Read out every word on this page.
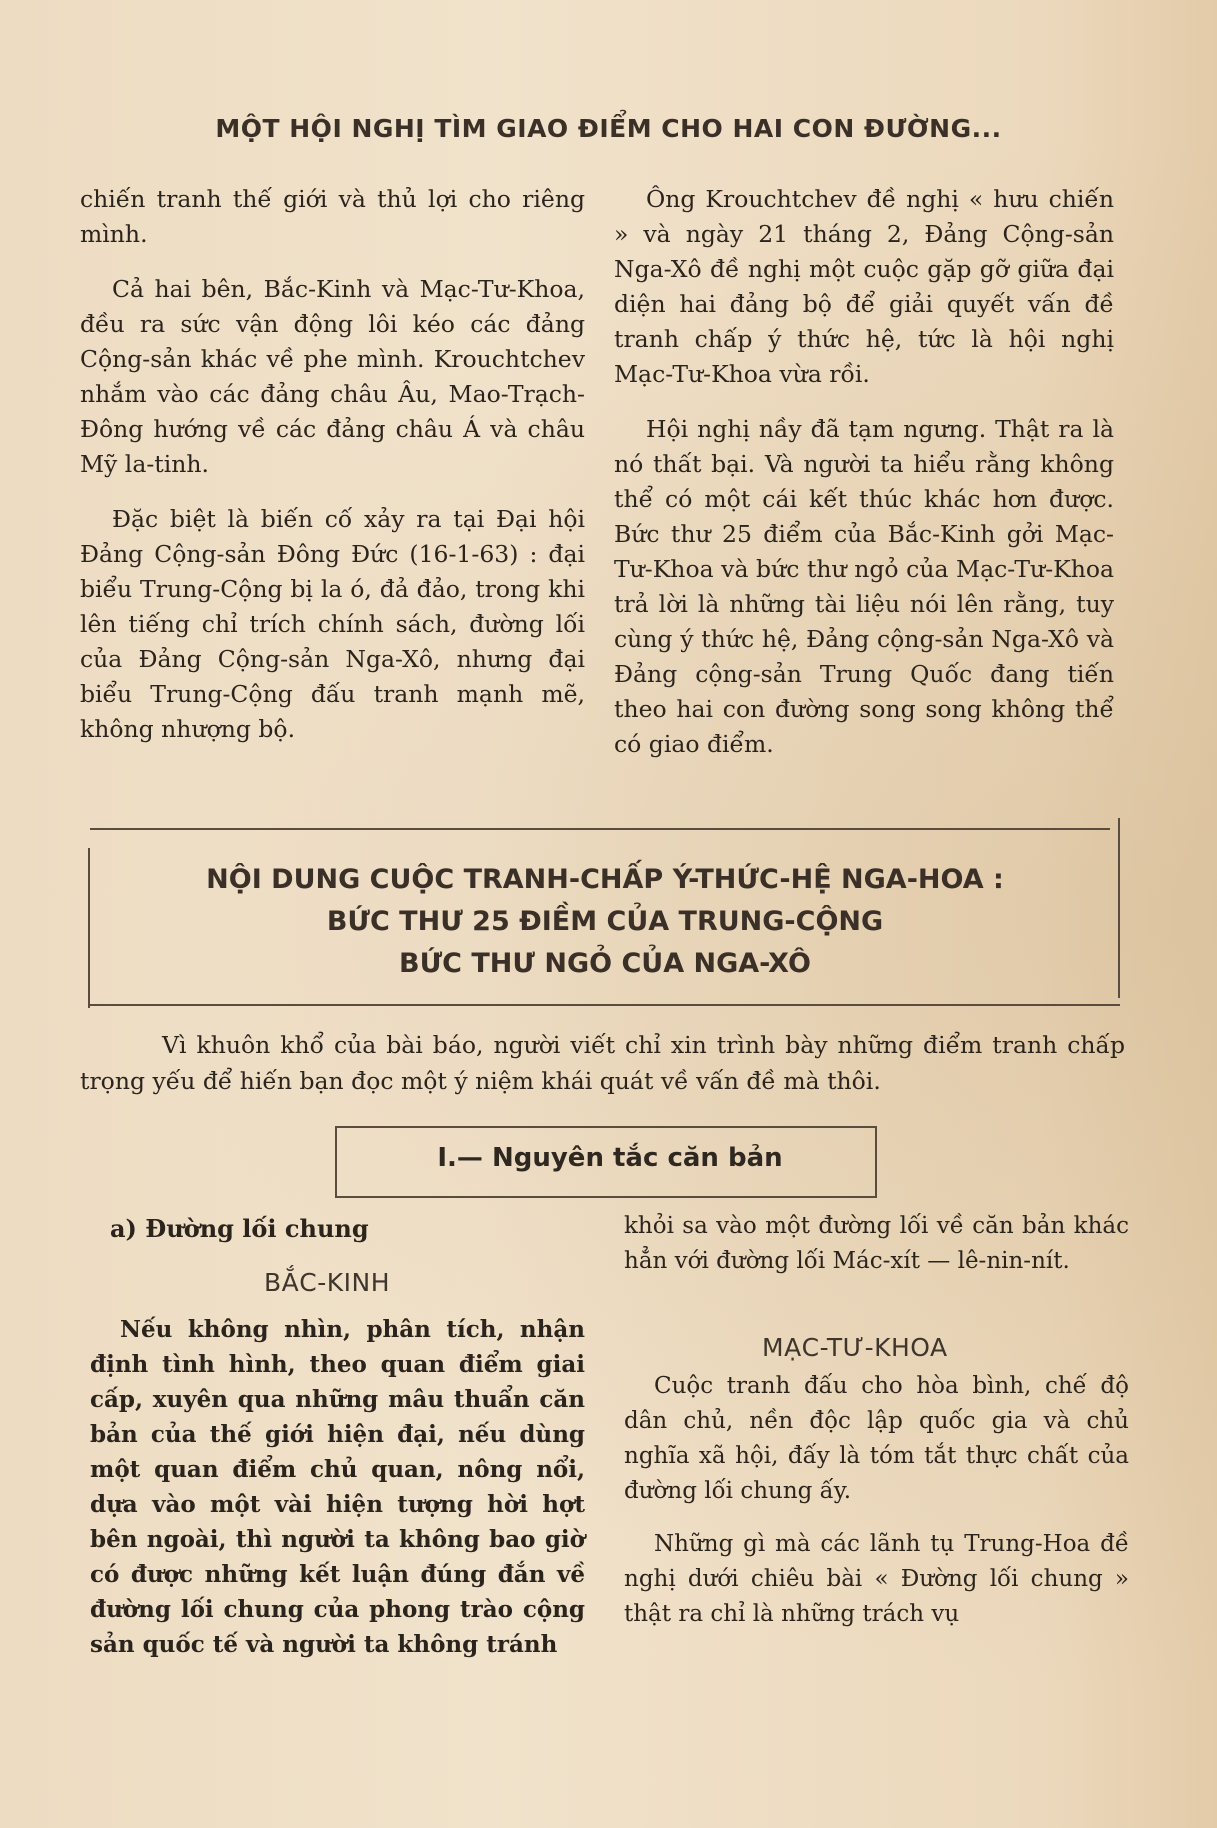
MỘT HỘI NGHỊ TÌM GIAO ĐIỂM CHO HAI CON ĐƯỜNG...

chiến tranh thế giới và thủ lợi cho riêng mình.

Cả hai bên, Bắc-Kinh và Mạc-Tư-Khoa, đều ra sức vận động lôi kéo các đảng Cộng-sản khác về phe mình. Krouchtchev nhắm vào các đảng châu Âu, Mao-Trạch-Đông hướng về các đảng châu Á và châu Mỹ la-tinh.

Đặc biệt là biến cố xảy ra tại Đại hội Đảng Cộng-sản Đông Đức (16-1-63) : đại biểu Trung-Cộng bị la ó, đả đảo, trong khi lên tiếng chỉ trích chính sách, đường lối của Đảng Cộng-sản Nga-Xô, nhưng đại biểu Trung-Cộng đấu tranh mạnh mẽ, không nhượng bộ.

Ông Krouchtchev đề nghị « hưu chiến » và ngày 21 tháng 2, Đảng Cộng-sản Nga-Xô đề nghị một cuộc gặp gỡ giữa đại diện hai đảng bộ để giải quyết vấn đề tranh chấp ý thức hệ, tức là hội nghị Mạc-Tư-Khoa vừa rồi.

Hội nghị nầy đã tạm ngưng. Thật ra là nó thất bại. Và người ta hiểu rằng không thể có một cái kết thúc khác hơn được. Bức thư 25 điểm của Bắc-Kinh gởi Mạc-Tư-Khoa và bức thư ngỏ của Mạc-Tư-Khoa trả lời là những tài liệu nói lên rằng, tuy cùng ý thức hệ, Đảng cộng-sản Nga-Xô và Đảng cộng-sản Trung Quốc đang tiến theo hai con đường song song không thể có giao điểm.

NỘI DUNG CUỘC TRANH-CHẤP Ý-THỨC-HỆ NGA-HOA :
BỨC THƯ 25 ĐIỀM CỦA TRUNG-CỘNG
BỨC THƯ NGỎ CỦA NGA-XÔ

Vì khuôn khổ của bài báo, người viết chỉ xin trình bày những điểm tranh chấp trọng yếu để hiến bạn đọc một ý niệm khái quát về vấn đề mà thôi.

I.— Nguyên tắc căn bản
a) Đường lối chung
BẮC-KINH

Nếu không nhìn, phân tích, nhận định tình hình, theo quan điểm giai cấp, xuyên qua những mâu thuẩn căn bản của thế giới hiện đại, nếu dùng một quan điểm chủ quan, nông nổi, dựa vào một vài hiện tượng hời hợt bên ngoài, thì người ta không bao giờ có được những kết luận đúng đắn về đường lối chung của phong trào cộng sản quốc tế và người ta không tránh

khỏi sa vào một đường lối về căn bản khác hẳn với đường lối Mác-xít — lê-nin-nít.

Cuộc tranh đấu cho hòa bình, chế độ dân chủ, nền độc lập quốc gia và chủ nghĩa xã hội, đấy là tóm tắt thực chất của đường lối chung ấy.

Những gì mà các lãnh tụ Trung-Hoa đề nghị dưới chiêu bài « Đường lối chung » thật ra chỉ là những trách vụ

MẠC-TƯ-KHOA
